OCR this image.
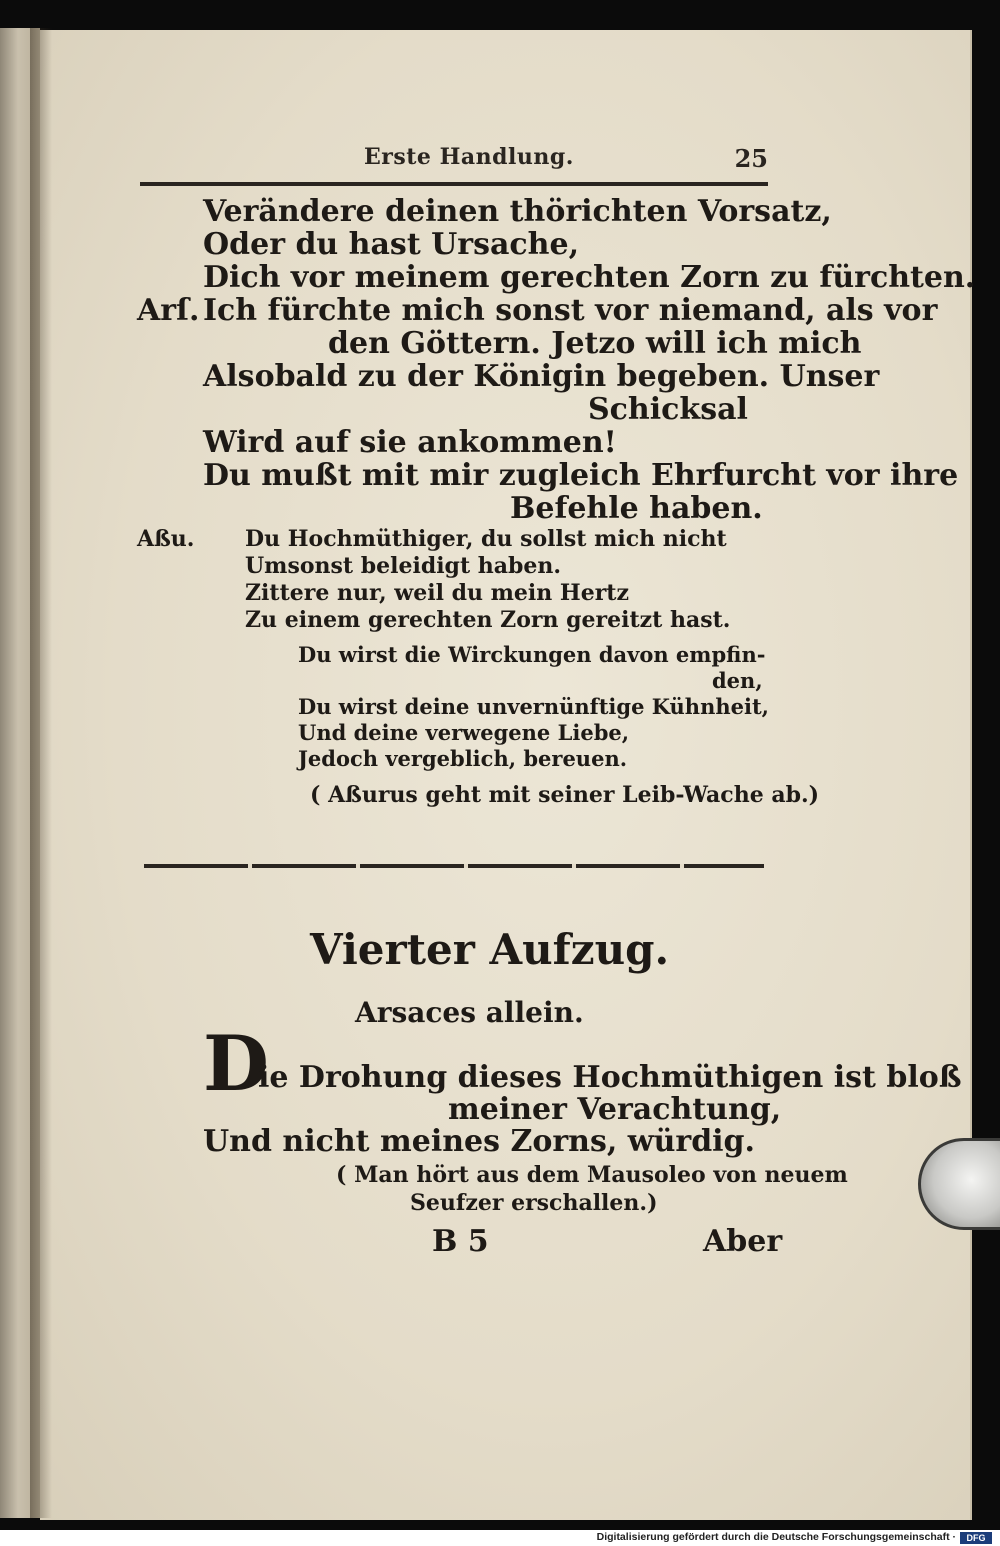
Erste Handlung.	25
Verändere deinen thörichten Vorsatz,
Oder du hast Ursache,
Dich vor meinem gerechten Zorn zu fürchten.
Arſ. Ich fürchte mich sonst vor niemand, als vor
den Göttern. Jetzo will ich mich
Alsobald zu der Königin begeben. Unser
Schicksal
Wird auf sie ankommen!
Du mußt mit mir zugleich Ehrfurcht vor ihre
Befehle haben.
Aßu. Du Hochmüthiger, du sollst mich nicht
Umsonst beleidigt haben.
Zittere nur, weil du mein Hertz
Zu einem gerechten Zorn gereitzt hast.
Du wirst die Wirckungen davon empfin-
den,
Du wirst deine unvernünftige Kühnheit,
Und deine verwegene Liebe,
Jedoch vergeblich, bereuen.
( Aßurus geht mit seiner Leib-Wache ab.)
Vierter Aufzug.
Arsaces allein.
D
ie Drohung dieses Hochmüthigen ist bloß
meiner Verachtung,
Und nicht meines Zorns, würdig.
( Man hört aus dem Mausoleo von neuem
Seufzer erschallen.)
B 5	Aber
Digitalisierung gefördert durch die Deutsche Forschungsgemeinschaft ·	DFG
